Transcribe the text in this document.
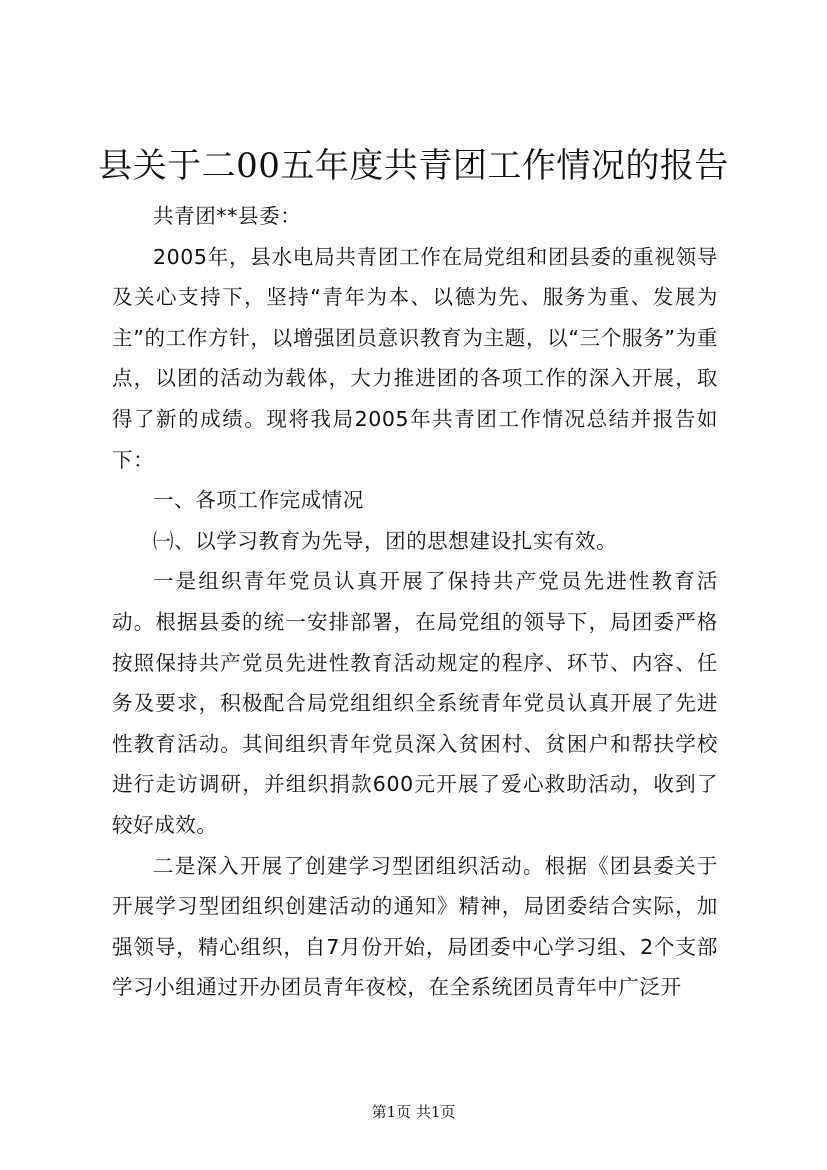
县关于二00五年度共青团工作情况的报告

共青团**县委：

2005年，县水电局共青团工作在局党组和团县委的重视领导及关心支持下，坚持“青年为本、以德为先、服务为重、发展为主”的工作方针，以增强团员意识教育为主题，以“三个服务”为重点，以团的活动为载体，大力推进团的各项工作的深入开展，取得了新的成绩。现将我局2005年共青团工作情况总结并报告如下：

一、各项工作完成情况

㈠、以学习教育为先导，团的思想建设扎实有效。

一是组织青年党员认真开展了保持共产党员先进性教育活动。根据县委的统一安排部署，在局党组的领导下，局团委严格按照保持共产党员先进性教育活动规定的程序、环节、内容、任务及要求，积极配合局党组组织全系统青年党员认真开展了先进性教育活动。其间组织青年党员深入贫困村、贫困户和帮扶学校进行走访调研，并组织捐款600元开展了爱心救助活动，收到了较好成效。

二是深入开展了创建学习型团组织活动。根据《团县委关于开展学习型团组织创建活动的通知》精神，局团委结合实际，加强领导，精心组织，自7月份开始，局团委中心学习组、2个支部学习小组通过开办团员青年夜校，在全系统团员青年中广泛开

第1页 共1页
